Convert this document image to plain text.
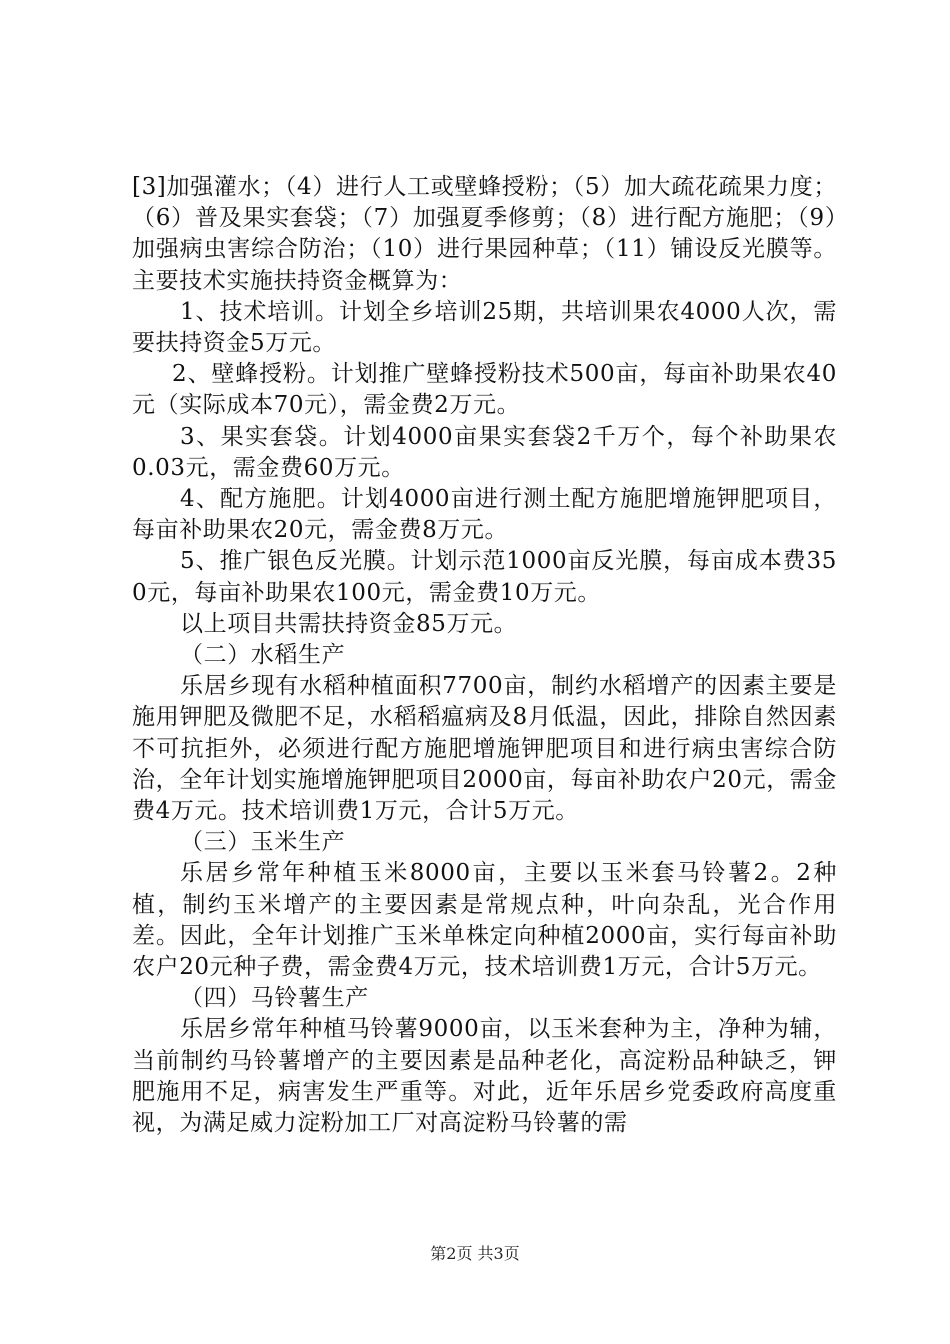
[3]加强灌水；（4）进行人工或壁蜂授粉；（5）加大疏花疏果力度；（6）普及果实套袋；（7）加强夏季修剪；（8）进行配方施肥；（9）加强病虫害综合防治；（10）进行果园种草；（11）铺设反光膜等。主要技术实施扶持资金概算为：

1、技术培训。计划全乡培训25期，共培训果农4000人次，需要扶持资金5万元。

2、壁蜂授粉。计划推广壁蜂授粉技术500亩，每亩补助果农40元（实际成本70元），需金费2万元。

3、果实套袋。计划4000亩果实套袋2千万个，每个补助果农0.03元，需金费60万元。

4、配方施肥。计划4000亩进行测土配方施肥增施钾肥项目，每亩补助果农20元，需金费8万元。

5、推广银色反光膜。计划示范1000亩反光膜，每亩成本费350元，每亩补助果农100元，需金费10万元。

以上项目共需扶持资金85万元。

（二）水稻生产

乐居乡现有水稻种植面积7700亩，制约水稻增产的因素主要是施用钾肥及微肥不足，水稻稻瘟病及8月低温，因此，排除自然因素不可抗拒外，必须进行配方施肥增施钾肥项目和进行病虫害综合防治，全年计划实施增施钾肥项目2000亩，每亩补助农户20元，需金费4万元。技术培训费1万元，合计5万元。

（三）玉米生产

乐居乡常年种植玉米8000亩，主要以玉米套马铃薯2。2种植，制约玉米增产的主要因素是常规点种，叶向杂乱，光合作用差。因此，全年计划推广玉米单株定向种植2000亩，实行每亩补助农户20元种子费，需金费4万元，技术培训费1万元，合计5万元。

（四）马铃薯生产

乐居乡常年种植马铃薯9000亩，以玉米套种为主，净种为辅，当前制约马铃薯增产的主要因素是品种老化，高淀粉品种缺乏，钾肥施用不足，病害发生严重等。对此，近年乐居乡党委政府高度重视，为满足威力淀粉加工厂对高淀粉马铃薯的需

第2页 共3页
